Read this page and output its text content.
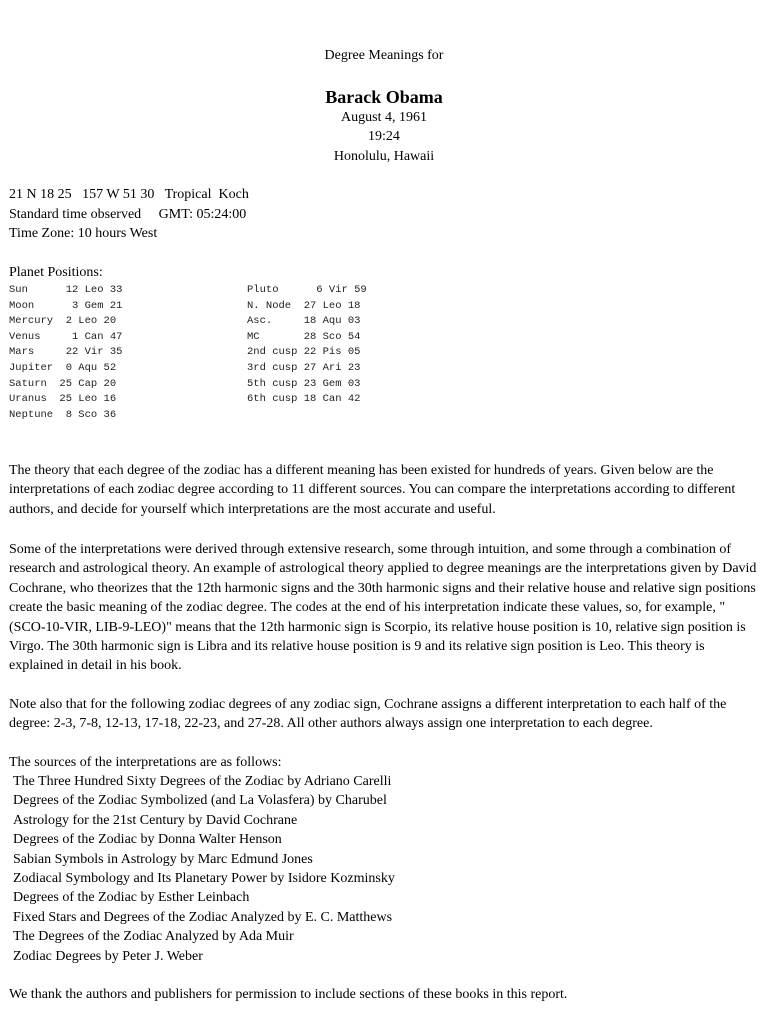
Degree Meanings for
Barack Obama
August 4, 1961
19:24
Honolulu, Hawaii
21 N 18 25   157 W 51 30   Tropical  Koch
Standard time observed     GMT: 05:24:00
Time Zone: 10 hours West
Planet Positions:
Sun      12 Leo 33
Moon      3 Gem 21
Mercury  2 Leo 20
Venus     1 Can 47
Mars     22 Vir 35
Jupiter  0 Aqu 52
Saturn  25 Cap 20
Uranus  25 Leo 16
Neptune  8 Sco 36
Pluto      6 Vir 59
N. Node  27 Leo 18
Asc.     18 Aqu 03
MC       28 Sco 54
2nd cusp 22 Pis 05
3rd cusp 27 Ari 23
5th cusp 23 Gem 03
6th cusp 18 Can 42
The theory that each degree of the zodiac has a different meaning has been existed for hundreds of years. Given below are the interpretations of each zodiac degree according to 11 different sources. You can compare the interpretations according to different authors, and decide for yourself which interpretations are the most accurate and useful.
Some of the interpretations were derived through extensive research, some through intuition, and some through a combination of research and astrological theory. An example of astrological theory applied to degree meanings are the interpretations given by David Cochrane, who theorizes that the 12th harmonic signs and the 30th harmonic signs and their relative house and relative sign positions create the basic meaning of the zodiac degree. The codes at the end of his interpretation indicate these values, so, for example, "(SCO-10-VIR, LIB-9-LEO)" means that the 12th harmonic sign is Scorpio, its relative house position is 10, relative sign position is Virgo. The 30th harmonic sign is Libra and its relative house position is 9 and its relative sign position is Leo. This theory is explained in detail in his book.
Note also that for the following zodiac degrees of any zodiac sign, Cochrane assigns a different interpretation to each half of the degree: 2-3, 7-8, 12-13, 17-18, 22-23, and 27-28. All other authors always assign one interpretation to each degree.
The sources of the interpretations are as follows:
The Three Hundred Sixty Degrees of the Zodiac by Adriano Carelli
Degrees of the Zodiac Symbolized (and La Volasfera) by Charubel
Astrology for the 21st Century by David Cochrane
Degrees of the Zodiac by Donna Walter Henson
Sabian Symbols in Astrology by Marc Edmund Jones
Zodiacal Symbology and Its Planetary Power by Isidore Kozminsky
Degrees of the Zodiac by Esther Leinbach
Fixed Stars and Degrees of the Zodiac Analyzed by E. C. Matthews
The Degrees of the Zodiac Analyzed by Ada Muir
Zodiac Degrees by Peter J. Weber
We thank the authors and publishers for permission to include sections of these books in this report.
